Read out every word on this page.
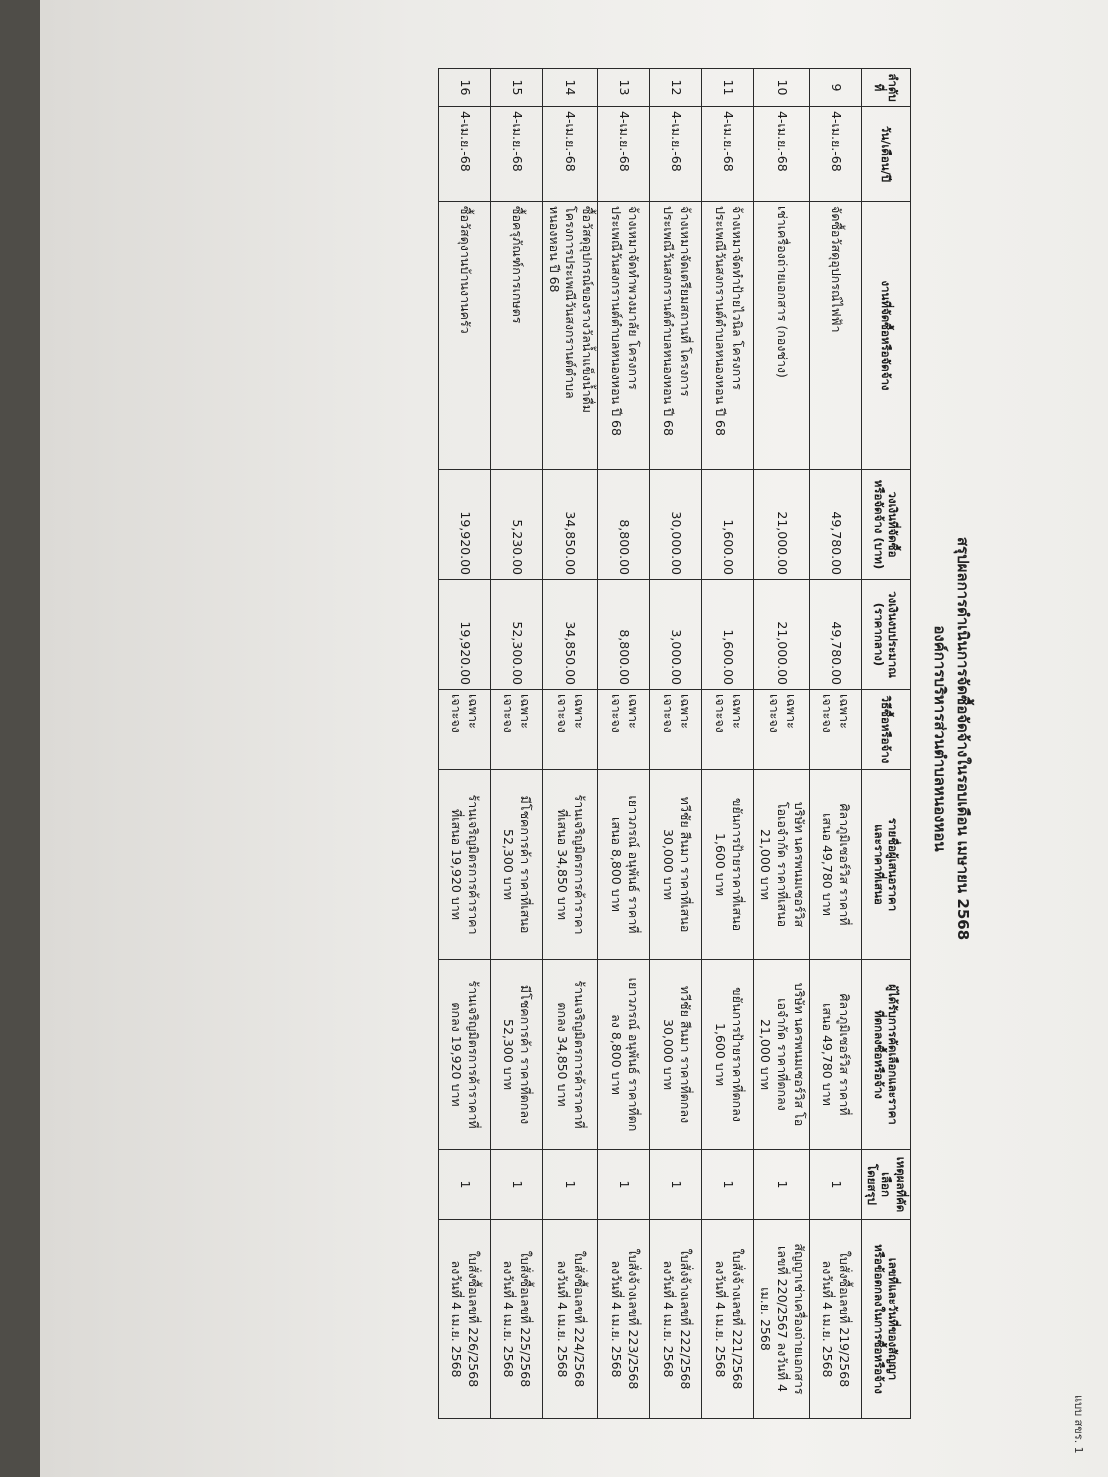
แบบ สขร. 1
สรุปผลการดำเนินการจัดซื้อจัดจ้างในรอบเดือน เมษายน 2568
องค์การบริหารส่วนตำบลหนองหอน
ลำดับ
ที่	วัน/เดือน/ปี	งานที่จัดซื้อหรือจัดจ้าง	วงเงินที่จัดซื้อ
หรือจัดจ้าง (บาท)	วงเงินงบประมาณ
(ราคากลาง)	วิธีซื้อหรือจ้าง	รายชื่อผู้เสนอราคา
และราคาที่เสนอ	ผู้ได้รับการคัดเลือกและราคา
ที่ตกลงซื้อหรือจ้าง	เหตุผลที่คัดเลือก
โดยสรุป	เลขที่และวันที่ของสัญญา
หรือข้อตกลงในการซื้อหรือจ้าง

9	4-เม.ย.-68	จัดซื้อวัสดุอุปกรณ์ไฟฟ้า	49,780.00	49,780.00	เฉพาะเจาะจง	ศิลาภูมิเซอร์วิส ราคาที่
เสนอ 49,780 บาท	ศิลาภูมิเซอร์วิส ราคาที่
เสนอ 49,780 บาท	1	ใบสั่งซื้อเลขที่ 219/2568
ลงวันที่ 4 เม.ย. 2568

10	4-เม.ย.-68	เช่าเครื่องถ่ายเอกสาร (กองช่าง)	21,000.00	21,000.00	เฉพาะเจาะจง	บริษัท นครพนมเซอร์วิส
โอเอจำกัด ราคาที่เสนอ
21,000 บาท	บริษัท นครพนมเซอร์วิส โอ
เอจำกัด ราคาที่ตกลง
21,000 บาท	1	สัญญาเช่าเครื่องถ่ายเอกสาร
เลขที่ 220/2567 ลงวันที่ 4
เม.ย. 2568

11	4-เม.ย.-68	จ้างเหมาจัดทำป้ายไวนิล โครงการ
ประเพณีวันสงกรานต์ตำบลหนองหอน ปี 68	1,600.00	1,600.00	เฉพาะเจาะจง	ขยันการป้ายราคาที่เสนอ
1,600 บาท	ขยันการป้ายราคาที่ตกลง
1,600 บาท	1	ใบสั่งจ้างเลขที่ 221/2568
ลงวันที่ 4 เม.ย. 2568

12	4-เม.ย.-68	จ้างเหมาจัดเตรียมสถานที่ โครงการ
ประเพณีวันสงกรานต์ตำบลหนองหอน ปี 68	30,000.00	3,000.00	เฉพาะเจาะจง	ทวีชัย สีนมา ราคาที่เสนอ
30,000 บาท	ทวีชัย สีนมา ราคาที่ตกลง
30,000 บาท	1	ใบสั่งจ้างเลขที่ 222/2568
ลงวันที่ 4 เม.ย. 2568

13	4-เม.ย.-68	จ้างเหมาจัดทำพวงมาลัย โครงการ
ประเพณีวันสงกรานต์ตำบลหนองหอน ปี 68	8,800.00	8,800.00	เฉพาะเจาะจง	เยาวภรณ์ อนุพันธ์ ราคาที่
เสนอ 8,800 บาท	เยาวภรณ์ อนุพันธ์ ราคาที่ตก
ลง 8,800 บาท	1	ใบสั่งจ้างเลขที่ 223/2568
ลงวันที่ 4 เม.ย. 2568

14	4-เม.ย.-68	ซื้อวัสดุอุปกรณ์ของรางวัลน้ำแข็งน้ำดื่ม
โครงการประเพณีวันสงกรานต์ตำบล
หนองหอน ปี 68	34,850.00	34,850.00	เฉพาะเจาะจง	ร้านเจริญมิตรการค้าราคา
ที่เสนอ 34,850 บาท	ร้านเจริญมิตรการค้าราคาที่
ตกลง 34,850 บาท	1	ใบสั่งซื้อเลขที่ 224/2568
ลงวันที่ 4 เม.ย. 2568

15	4-เม.ย.-68	ซื้อครุภัณฑ์การเกษตร	5,230.00	52,300.00	เฉพาะเจาะจง	มีโชคการค้า ราคาที่เสนอ
52,300 บาท	มีโชคการค้า ราคาที่ตกลง
52,300 บาท	1	ใบสั่งซื้อเลขที่ 225/2568
ลงวันที่ 4 เม.ย. 2568

16	4-เม.ย.-68	ซื้อวัสดุงานบ้านงานครัว	19,920.00	19,920.00	เฉพาะเจาะจง	ร้านเจริญมิตรการค้าราคา
ที่เสนอ 19,920 บาท	ร้านเจริญมิตรการค้าราคาที่
ตกลง 19,920 บาท	1	ใบสั่งซื้อเลขที่ 226/2568
ลงวันที่ 4 เม.ย. 2568
